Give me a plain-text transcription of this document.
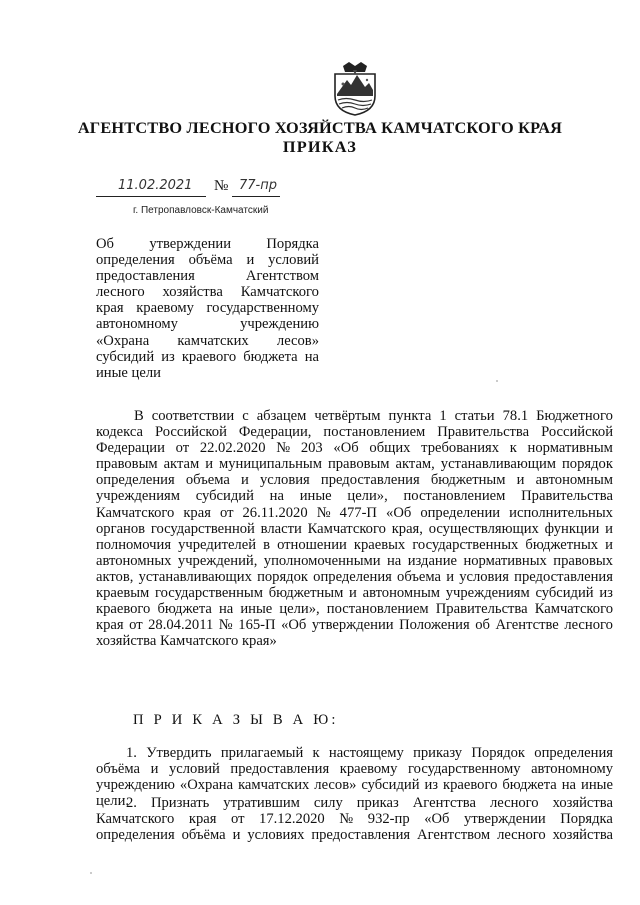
АГЕНТСТВО ЛЕСНОГО ХОЗЯЙСТВА КАМЧАТСКОГО КРАЯ
ПРИКАЗ
11.02.2021 № 77-пр
г. Петропавловск-Камчатский
Об утверждении Порядка
определения объёма и условий
предоставления	Агентством
лесного хозяйства Камчатского
края краевому государственному
автономному	учреждению
«Охрана камчатских лесов»
субсидий из краевого бюджета на
иные цели
В соответствии с абзацем четвёртым пункта 1 статьи 78.1 Бюджетного
кодекса Российской Федерации, постановлением Правительства Российской
Федерации от 22.02.2020 № 203 «Об общих требованиях к нормативным
правовым актам и муниципальным правовым актам, устанавливающим порядок
определения объема и условия предоставления бюджетным и автономным
учреждениям субсидий на иные цели», постановлением Правительства
Камчатского края от 26.11.2020 № 477-П «Об определении исполнительных
органов государственной власти Камчатского края, осуществляющих функции и
полномочия учредителей в отношении краевых государственных бюджетных и
автономных учреждений, уполномоченными на издание нормативных правовых
актов, устанавливающих порядок определения объема и условия предоставления
краевым государственным бюджетным и автономным учреждениям субсидий из
краевого бюджета на иные цели», постановлением Правительства Камчатского
края от 28.04.2011 № 165-П «Об утверждении Положения об Агентстве лесного
хозяйства Камчатского края»
П Р И К А З Ы В А Ю:
1. Утвердить прилагаемый к настоящему приказу Порядок определения
объёма и условий предоставления краевому государственному автономному
учреждению «Охрана камчатских лесов» субсидий из краевого бюджета на иные
цели.
2. Признать утратившим силу приказ Агентства лесного хозяйства
Камчатского края от 17.12.2020 № 932-пр «Об утверждении Порядка
определения объёма и условиях предоставления Агентством лесного хозяйства
